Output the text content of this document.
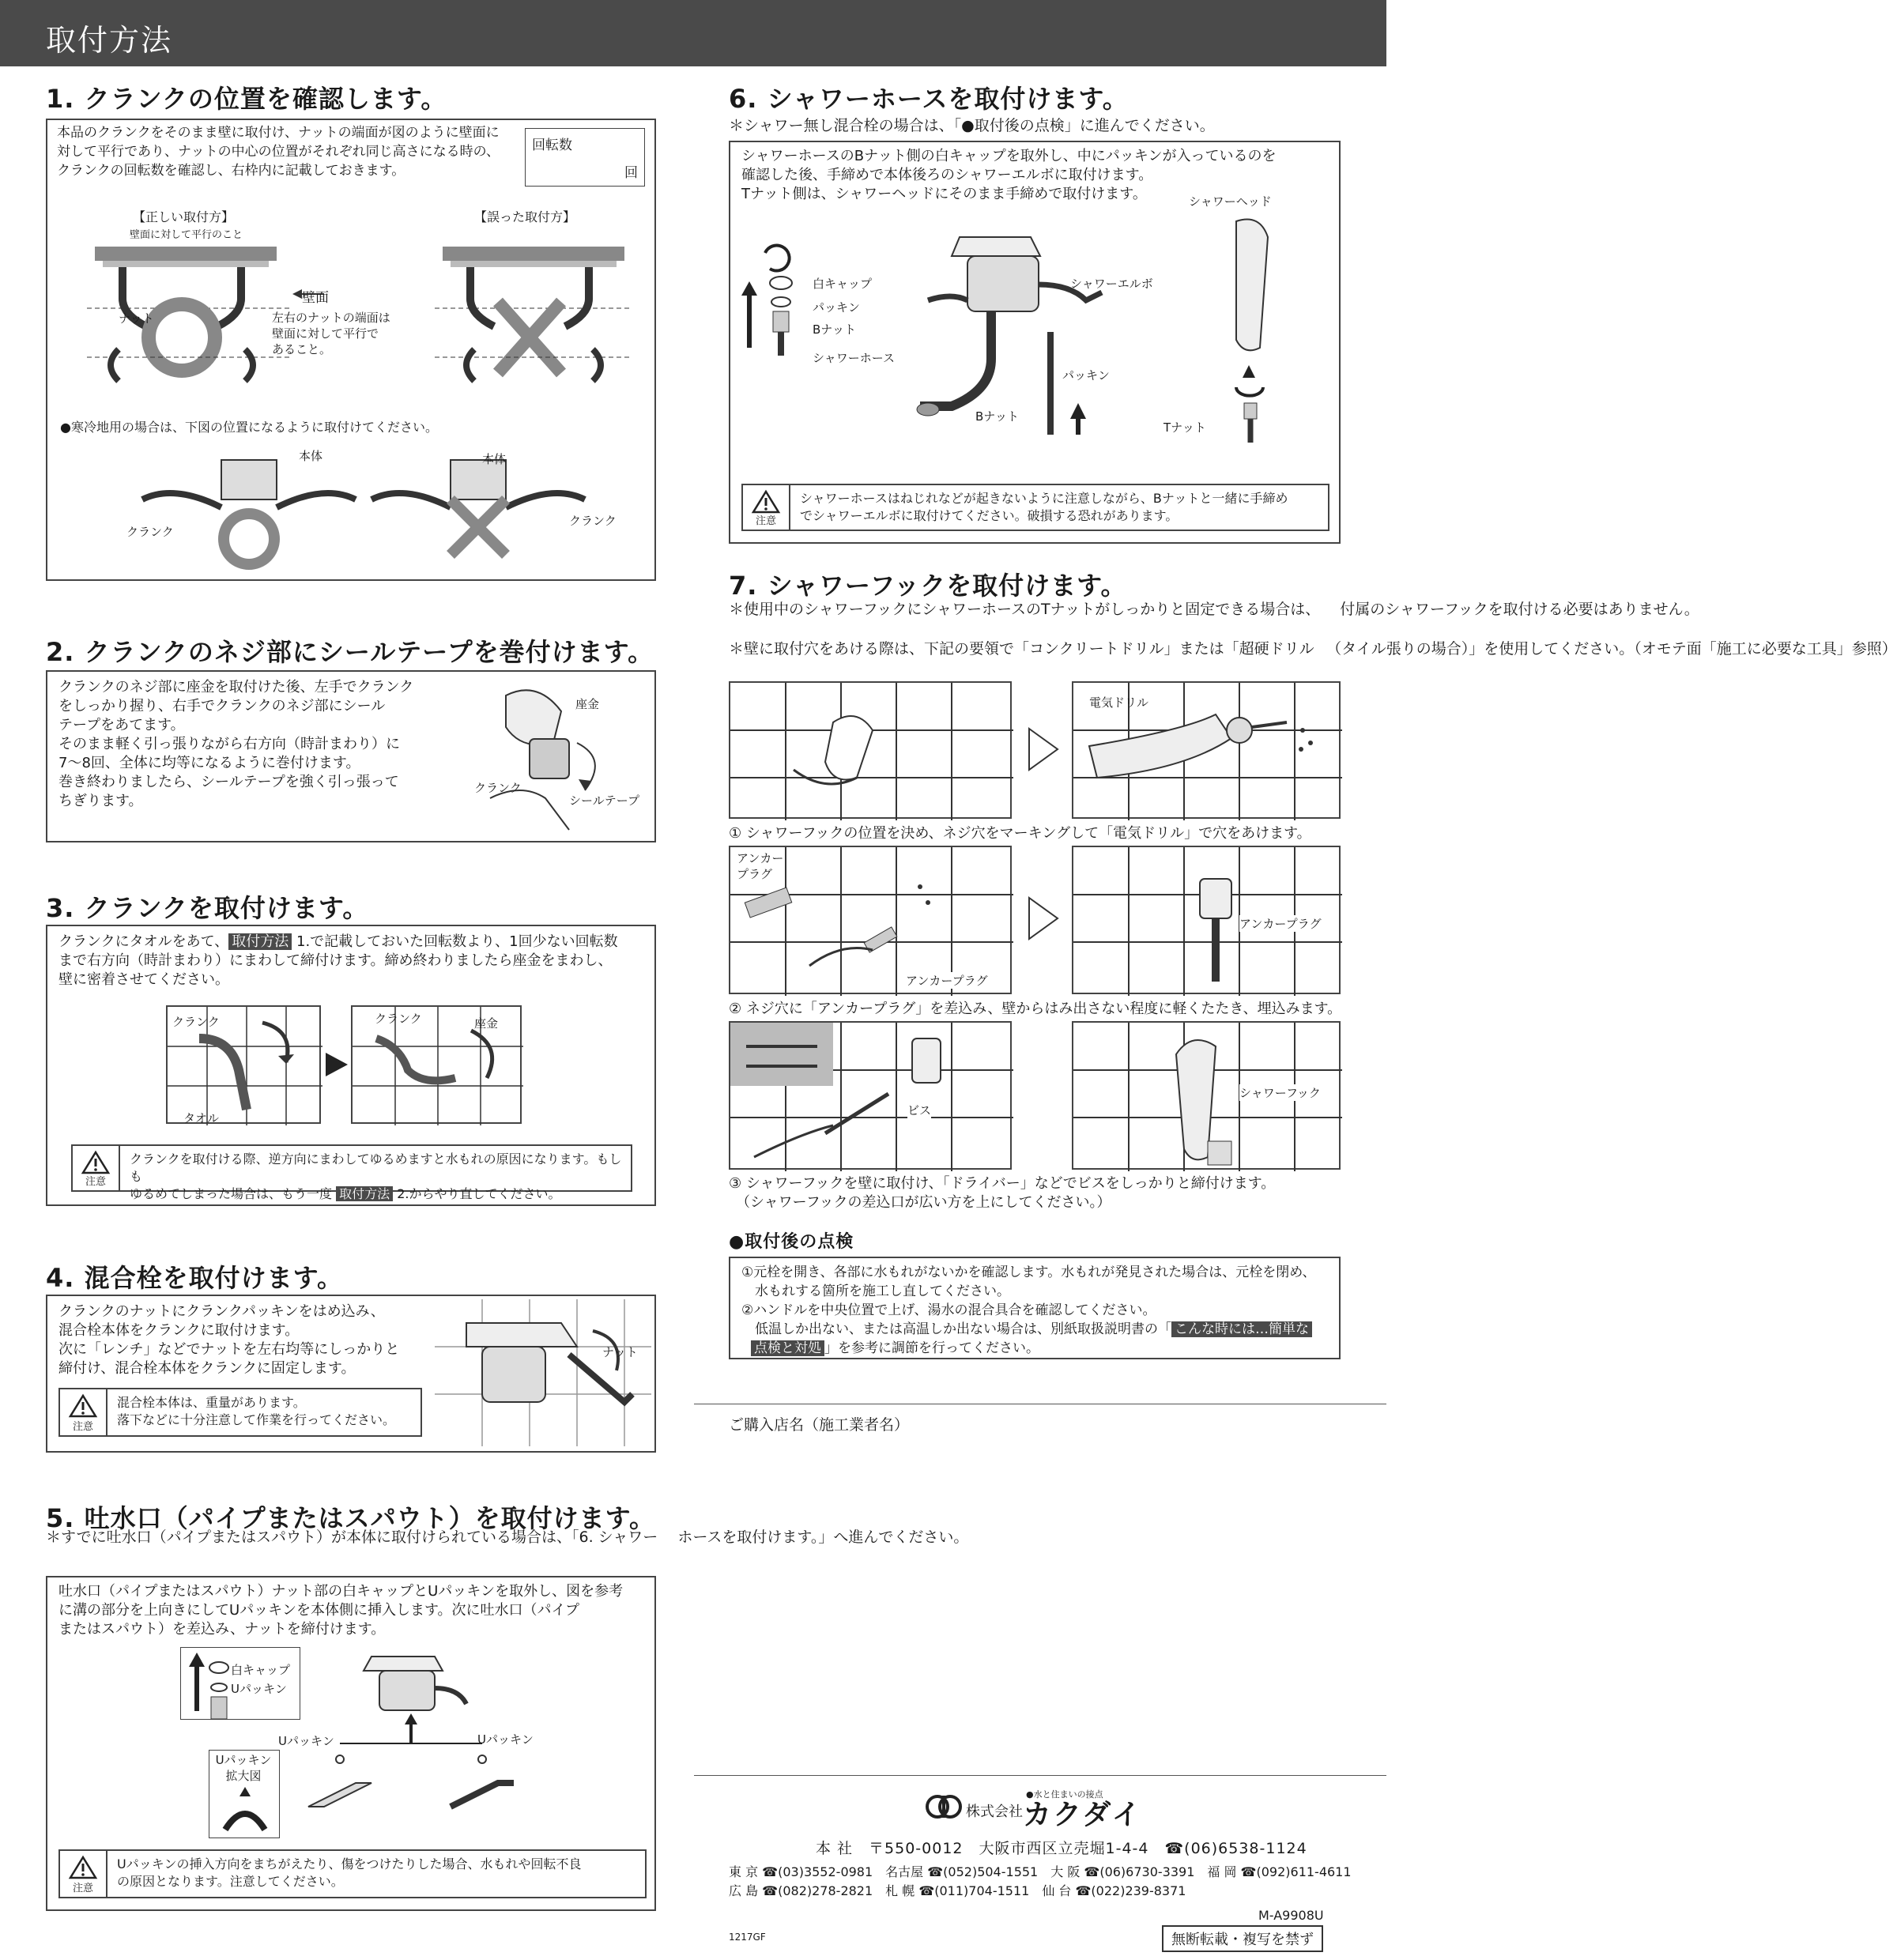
取付方法
1. クランクの位置を確認します。
本品のクランクをそのまま壁に取付け、ナットの端面が図のように壁面に
対して平行であり、ナットの中心の位置がそれぞれ同じ高さになる時の、
クランクの回転数を確認し、右枠内に記載しておきます。
回転数
回
【正しい取付方】
壁面に対して平行のこと
【誤った取付方】
壁面
ナット	左右のナットの端面は
壁面に対して平行で
あること。
●寒冷地用の場合は、下図の位置になるように取付けてください。
本体	本体
クランク
クランク
2. クランクのネジ部にシールテープを巻付けます。
クランクのネジ部に座金を取付けた後、左手でクランク
をしっかり握り、右手でクランクのネジ部にシール
テープをあてます。
そのまま軽く引っ張りながら右方向（時計まわり）に
7～8回、全体に均等になるように巻付けます。
巻き終わりましたら、シールテープを強く引っ張って
ちぎります。
座金
クランク
シールテープ
3. クランクを取付けます。
クランクにタオルをあて、 取付方法 1.で記載しておいた回転数より、1回少ない回転数
まで右方向（時計まわり）にまわして締付けます。締め終わりましたら座金をまわし、
壁に密着させてください。
クランク
タオル
クランク	座金
注意
クランクを取付ける際、逆方向にまわしてゆるめますと水もれの原因になります。もしも
ゆるめてしまった場合は、もう一度 取付方法 2.からやり直してください。
4. 混合栓を取付けます。
クランクのナットにクランクパッキンをはめ込み、
混合栓本体をクランクに取付けます。
次に「レンチ」などでナットを左右均等にしっかりと
締付け、混合栓本体をクランクに固定します。
ナット
注意
混合栓本体は、重量があります。
落下などに十分注意して作業を行ってください。
5. 吐水口（パイプまたはスパウト）を取付けます。
＊すでに吐水口（パイプまたはスパウト）が本体に取付けられている場合は、「6. シャワー 　ホースを取付けます。」へ進んでください。
吐水口（パイプまたはスパウト）ナット部の白キャップとUパッキンを取外し、図を参考
に溝の部分を上向きにしてUパッキンを本体側に挿入します。次に吐水口（パイプ
またはスパウト）を差込み、ナットを締付けます。
白キャップ
Uパッキン
Uパッキン	Uパッキン
Uパッキン
拡大図
注意
Uパッキンの挿入方向をまちがえたり、傷をつけたりした場合、水もれや回転不良
の原因となります。注意してください。
6. シャワーホースを取付けます。
＊シャワー無し混合栓の場合は、「●取付後の点検」に進んでください。
シャワーホースのBナット側の白キャップを取外し、中にパッキンが入っているのを
確認した後、手締めで本体後ろのシャワーエルボに取付けます。
Tナット側は、シャワーヘッドにそのまま手締めで取付けます。	シャワーヘッド
白キャップ
パッキン
Bナット
シャワーホース
シャワーエルボ
パッキン
Bナット
Tナット
注意
シャワーホースはねじれなどが起きないように注意しながら、Bナットと一緒に手締め
でシャワーエルボに取付けてください。破損する恐れがあります。
7. シャワーフックを取付けます。
＊使用中のシャワーフックにシャワーホースのTナットがしっかりと固定できる場合は、 　付属のシャワーフックを取付ける必要はありません。
＊壁に取付穴をあける際は、下記の要領で「コンクリートドリル」または「超硬ドリル 　（タイル張りの場合）」を使用してください。（オモテ面「施工に必要な工具」参照）
電気ドリル
① シャワーフックの位置を決め、ネジ穴をマーキングして「電気ドリル」で穴をあけます。
アンカー
プラグ
アンカープラグ
アンカープラグ
② ネジ穴に「アンカープラグ」を差込み、壁からはみ出さない程度に軽くたたき、埋込みます。
ビス
シャワーフック
③ シャワーフックを壁に取付け、「ドライバー」などでビスをしっかりと締付けます。
　（シャワーフックの差込口が広い方を上にしてください。）
●取付後の点検
①元栓を開き、各部に水もれがないかを確認します。水もれが発見された場合は、元栓を閉め、
　水もれする箇所を施工し直してください。
②ハンドルを中央位置で上げ、湯水の混合具合を確認してください。
　低温しか出ない、または高温しか出ない場合は、別紙取扱説明書の「 こんな時には…簡単な
点検と対処 」を参考に調節を行ってください。
ご購入店名（施工業者名）
株式会社
●水と住まいの接点
カクダイ
本 社　〒550-0012　大阪市西区立売堀1-4-4　☎(06)6538-1124
東 京 ☎(03)3552-0981　名古屋 ☎(052)504-1551　大 阪 ☎(06)6730-3391　福 岡 ☎(092)611-4611
広 島 ☎(082)278-2821　札 幌 ☎(011)704-1511　仙 台 ☎(022)239-8371
M-A9908U
1217GF	無断転載・複写を禁ず
